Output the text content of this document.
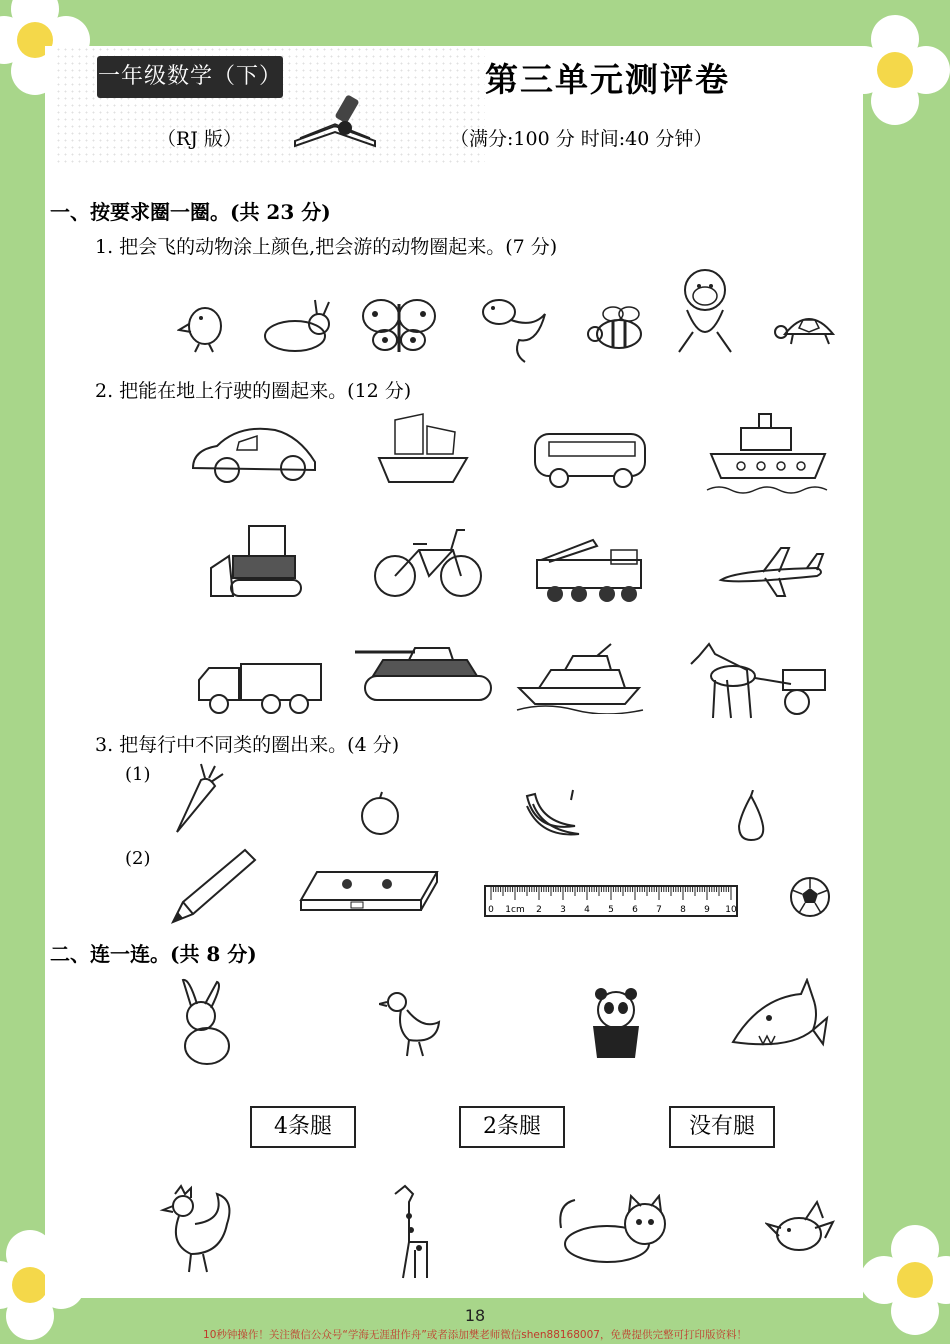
一年级数学（下）	第三单元测评卷
（RJ 版）	（满分:100 分 时间:40 分钟）
一、按要求圈一圈。(共 23 分)
1. 把会飞的动物涂上颜色,把会游的动物圈起来。(7 分)
2. 把能在地上行驶的圈起来。(12 分)
3. 把每行中不同类的圈出来。(4 分)
(1)
(2)
0 1cm 2 3 4 5 6 7 8 9 10
二、连一连。(共 8 分)
4条腿	2条腿	没有腿
18
10秒钟操作！关注微信公众号“学海无涯甜作舟”或者添加樊老师微信shen88168007，免费提供完整可打印版资料！
